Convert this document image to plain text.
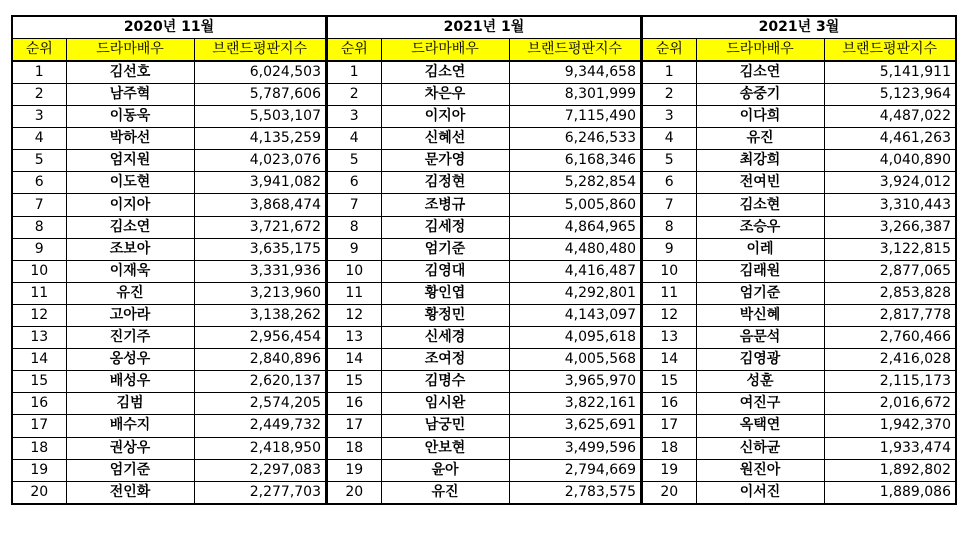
2020년 11월		
순위	드라마배우	브랜드평판지수
1	김선호	6,024,503
2	남주혁	5,787,606
3	이동욱	5,503,107
4	박하선	4,135,259
5	엄지원	4,023,076
6	이도현	3,941,082
7	이지아	3,868,474
8	김소연	3,721,672
9	조보아	3,635,175
10	이재욱	3,331,936
11	유진	3,213,960
12	고아라	3,138,262
13	진기주	2,956,454
14	옹성우	2,840,896
15	배성우	2,620,137
16	김범	2,574,205
17	배수지	2,449,732
18	권상우	2,418,950
19	엄기준	2,297,083
20	전인화	2,277,703
2021년 1월		
순위	드라마배우	브랜드평판지수
1	김소연	9,344,658
2	차은우	8,301,999
3	이지아	7,115,490
4	신혜선	6,246,533
5	문가영	6,168,346
6	김정현	5,282,854
7	조병규	5,005,860
8	김세정	4,864,965
9	엄기준	4,480,480
10	김영대	4,416,487
11	황인엽	4,292,801
12	황정민	4,143,097
13	신세경	4,095,618
14	조여정	4,005,568
15	김명수	3,965,970
16	임시완	3,822,161
17	남궁민	3,625,691
18	안보현	3,499,596
19	윤아	2,794,669
20	유진	2,783,575
2021년 3월		
순위	드라마배우	브랜드평판지수
1	김소연	5,141,911
2	송중기	5,123,964
3	이다희	4,487,022
4	유진	4,461,263
5	최강희	4,040,890
6	전여빈	3,924,012
7	김소현	3,310,443
8	조승우	3,266,387
9	이레	3,122,815
10	김래원	2,877,065
11	엄기준	2,853,828
12	박신혜	2,817,778
13	음문석	2,760,466
14	김영광	2,416,028
15	성훈	2,115,173
16	여진구	2,016,672
17	옥택연	1,942,370
18	신하균	1,933,474
19	원진아	1,892,802
20	이서진	1,889,086
